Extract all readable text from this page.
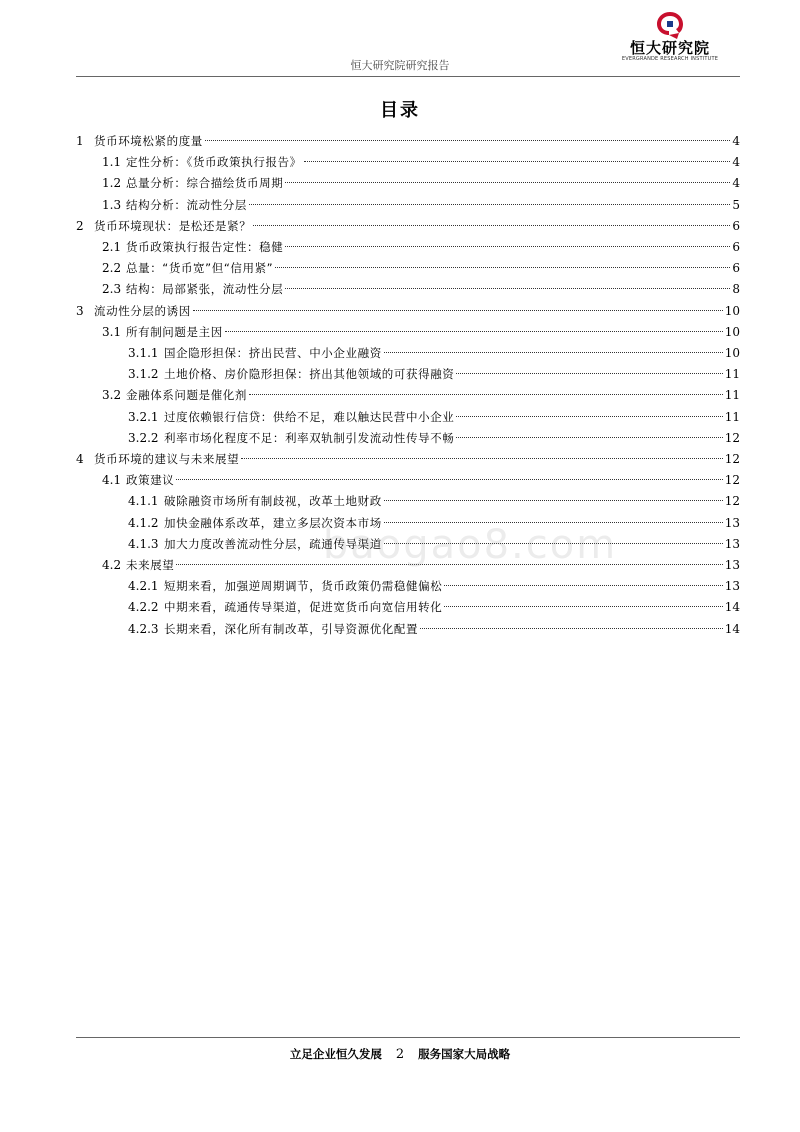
恒大研究院研究报告
恒大研究院
EVERGRANDE RESEARCH INSTITUTE
目录
1 货币环境松紧的度量	4
1.1 定性分析：《货币政策执行报告》	4
1.2 总量分析：综合描绘货币周期	4
1.3 结构分析：流动性分层	5
2 货币环境现状：是松还是紧？	6
2.1 货币政策执行报告定性：稳健	6
2.2 总量：“货币宽”但“信用紧”	6
2.3 结构：局部紧张，流动性分层	8
3 流动性分层的诱因	10
3.1 所有制问题是主因	10
3.1.1 国企隐形担保：挤出民营、中小企业融资	10
3.1.2 土地价格、房价隐形担保：挤出其他领域的可获得融资	11
3.2 金融体系问题是催化剂	11
3.2.1 过度依赖银行信贷：供给不足，难以触达民营中小企业	11
3.2.2 利率市场化程度不足：利率双轨制引发流动性传导不畅	12
4 货币环境的建议与未来展望	12
4.1 政策建议	12
4.1.1 破除融资市场所有制歧视，改革土地财政	12
4.1.2 加快金融体系改革，建立多层次资本市场	13
4.1.3 加大力度改善流动性分层，疏通传导渠道	13
4.2 未来展望	13
4.2.1 短期来看，加强逆周期调节，货币政策仍需稳健偏松	13
4.2.2 中期来看，疏通传导渠道，促进宽货币向宽信用转化	14
4.2.3 长期来看，深化所有制改革，引导资源优化配置	14
baogao8.com
立足企业恒久发展 2 服务国家大局战略
